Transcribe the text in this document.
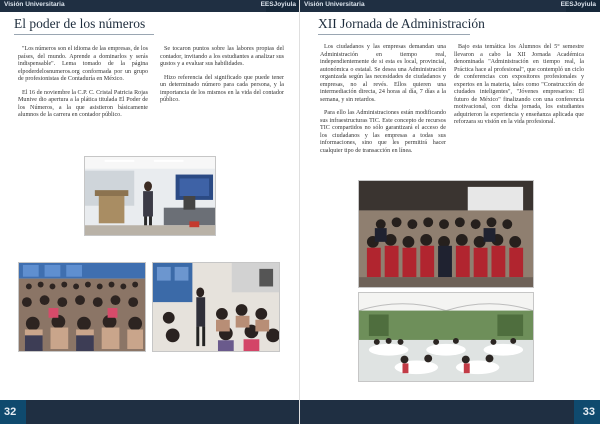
Visión Universitaria	EESJoyiula
El poder de los números

"Los números son el idioma de las empresas, de los países, del mundo. Aprende a dominarlos y serás indispensable". Lema tomado de la página elpoderdelosnumeros.org conformada por un grupo de profesionistas de Contaduría en México.

El 16 de noviembre la C.P. C. Cristal Patricia Rojas Munive dio apertura a la plática titulada El Poder de los Números, a la que asistieron básicamente alumnos de la carrera en contador público.

Se tocaron puntos sobre las labores propias del contador, invitando a los estudiantes a analizar sus gustos y a evaluar sus habilidades.

Hizo referencia del significado que puede tener un determinado número para cada persona, y la importancia de los mismos en la vida del contador público.

32
Visión Universitaria	EESJoyiula
XII Jornada de Administración

Los ciudadanos y las empresas demandan una Administración en tiempo real, independientemente de si esta es local, provincial, autonómica o estatal. Se desea una Administración organizada según las necesidades de ciudadanos y empresas, no al revés. Ellos quieren una intermediación directa, 24 horas al día, 7 días a la semana, y sin retardos.

Para ello las Administraciones están modificando sus infraestructuras TIC. Este concepto de recursos TIC compartidos no sólo garantizará el acceso de los ciudadanos y las empresas a todas sus informaciones, sino que les permitirá hacer cualquier tipo de transacción en línea.

Bajo esta temática los Alumnos del 5° semestre llevaron a cabo la XII Jornada Académica denominada "Administración en tiempo real, la Práctica hace al profesional", que contempló un ciclo de conferencias con expositores profesionales y expertos en la materia, tales como "Construcción de ciudades inteligentes", "Jóvenes empresarios: El futuro de México" finalizando con una conferencia motivacional, con dicha jornada, los estudiantes adquirieron la experiencia y enseñanza aplicada que reforzara su visión en la vida profesional.

33
